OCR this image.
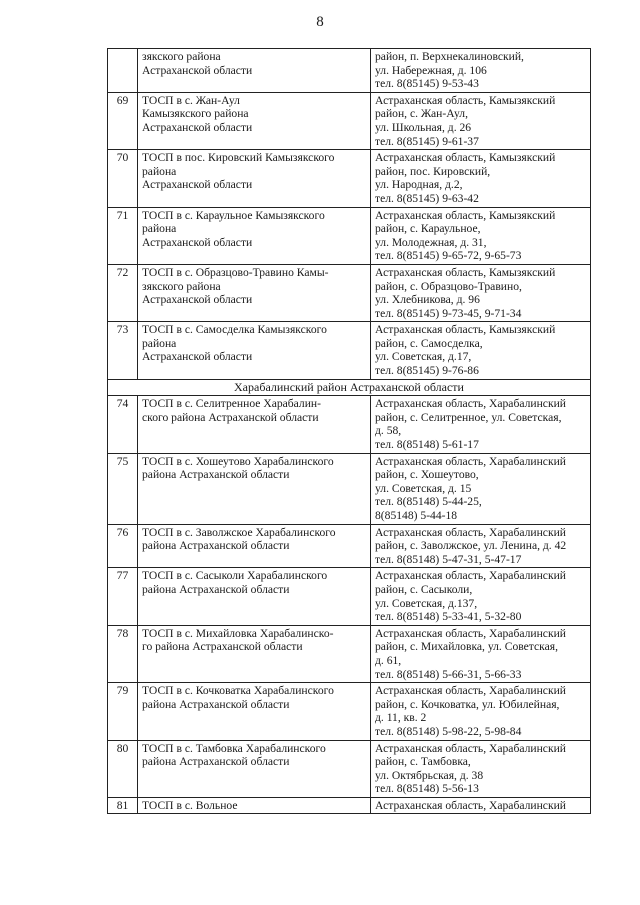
8
	зякского района
Астраханской области	район, п. Верхнекалиновский,
ул. Набережная, д. 106
тел. 8(85145) 9-53-43
69	ТОСП в с. Жан-Аул
Камызякского района
Астраханской области	Астраханская область, Камызякский
район, с. Жан-Аул,
ул. Школьная, д. 26
тел. 8(85145) 9-61-37
70	ТОСП в пос. Кировский Камызякского
района
Астраханской области	Астраханская область, Камызякский
район, пос. Кировский,
ул. Народная, д.2,
тел. 8(85145) 9-63-42
71	ТОСП в с. Караульное Камызякского
района
Астраханской области	Астраханская область, Камызякский
район, с. Караульное,
ул. Молодежная, д. 31,
тел. 8(85145) 9-65-72, 9-65-73
72	ТОСП в с. Образцово-Травино Камы-
зякского района
Астраханской области	Астраханская область, Камызякский
район, с. Образцово-Травино,
ул. Хлебникова, д. 96
тел. 8(85145) 9-73-45, 9-71-34
73	ТОСП в с. Самосделка Камызякского
района
Астраханской области	Астраханская область, Камызякский
район, с. Самосделка,
ул. Советская, д.17,
тел. 8(85145) 9-76-86
Харабалинский район Астраханской области		
74	ТОСП в с. Селитренное Харабалин-
ского района Астраханской области	Астраханская область, Харабалинский
район, с. Селитренное, ул. Советская,
д. 58,
тел. 8(85148) 5-61-17
75	ТОСП в с. Хошеутово Харабалинского
района Астраханской области	Астраханская область, Харабалинский
район, с. Хошеутово,
ул. Советская, д. 15
тел. 8(85148) 5-44-25,
8(85148) 5-44-18
76	ТОСП в с. Заволжское Харабалинского
района Астраханской области	Астраханская область, Харабалинский
район, с. Заволжское, ул. Ленина, д. 42
тел. 8(85148) 5-47-31, 5-47-17
77	ТОСП в с. Сасыколи Харабалинского
района Астраханской области	Астраханская область, Харабалинский
район, с. Сасыколи,
ул. Советская, д.137,
тел. 8(85148) 5-33-41, 5-32-80
78	ТОСП в с. Михайловка Харабалинско-
го района Астраханской области	Астраханская область, Харабалинский
район, с. Михайловка, ул. Советская,
д. 61,
тел. 8(85148) 5-66-31, 5-66-33
79	ТОСП в с. Кочковатка Харабалинского
района Астраханской области	Астраханская область, Харабалинский
район, с. Кочковатка, ул. Юбилейная,
д. 11, кв. 2
тел. 8(85148) 5-98-22, 5-98-84
80	ТОСП в с. Тамбовка Харабалинского
района Астраханской области	Астраханская область, Харабалинский
район, с. Тамбовка,
ул. Октябрьская, д. 38
тел. 8(85148) 5-56-13
81	ТОСП в с. Вольное	Астраханская область, Харабалинский
